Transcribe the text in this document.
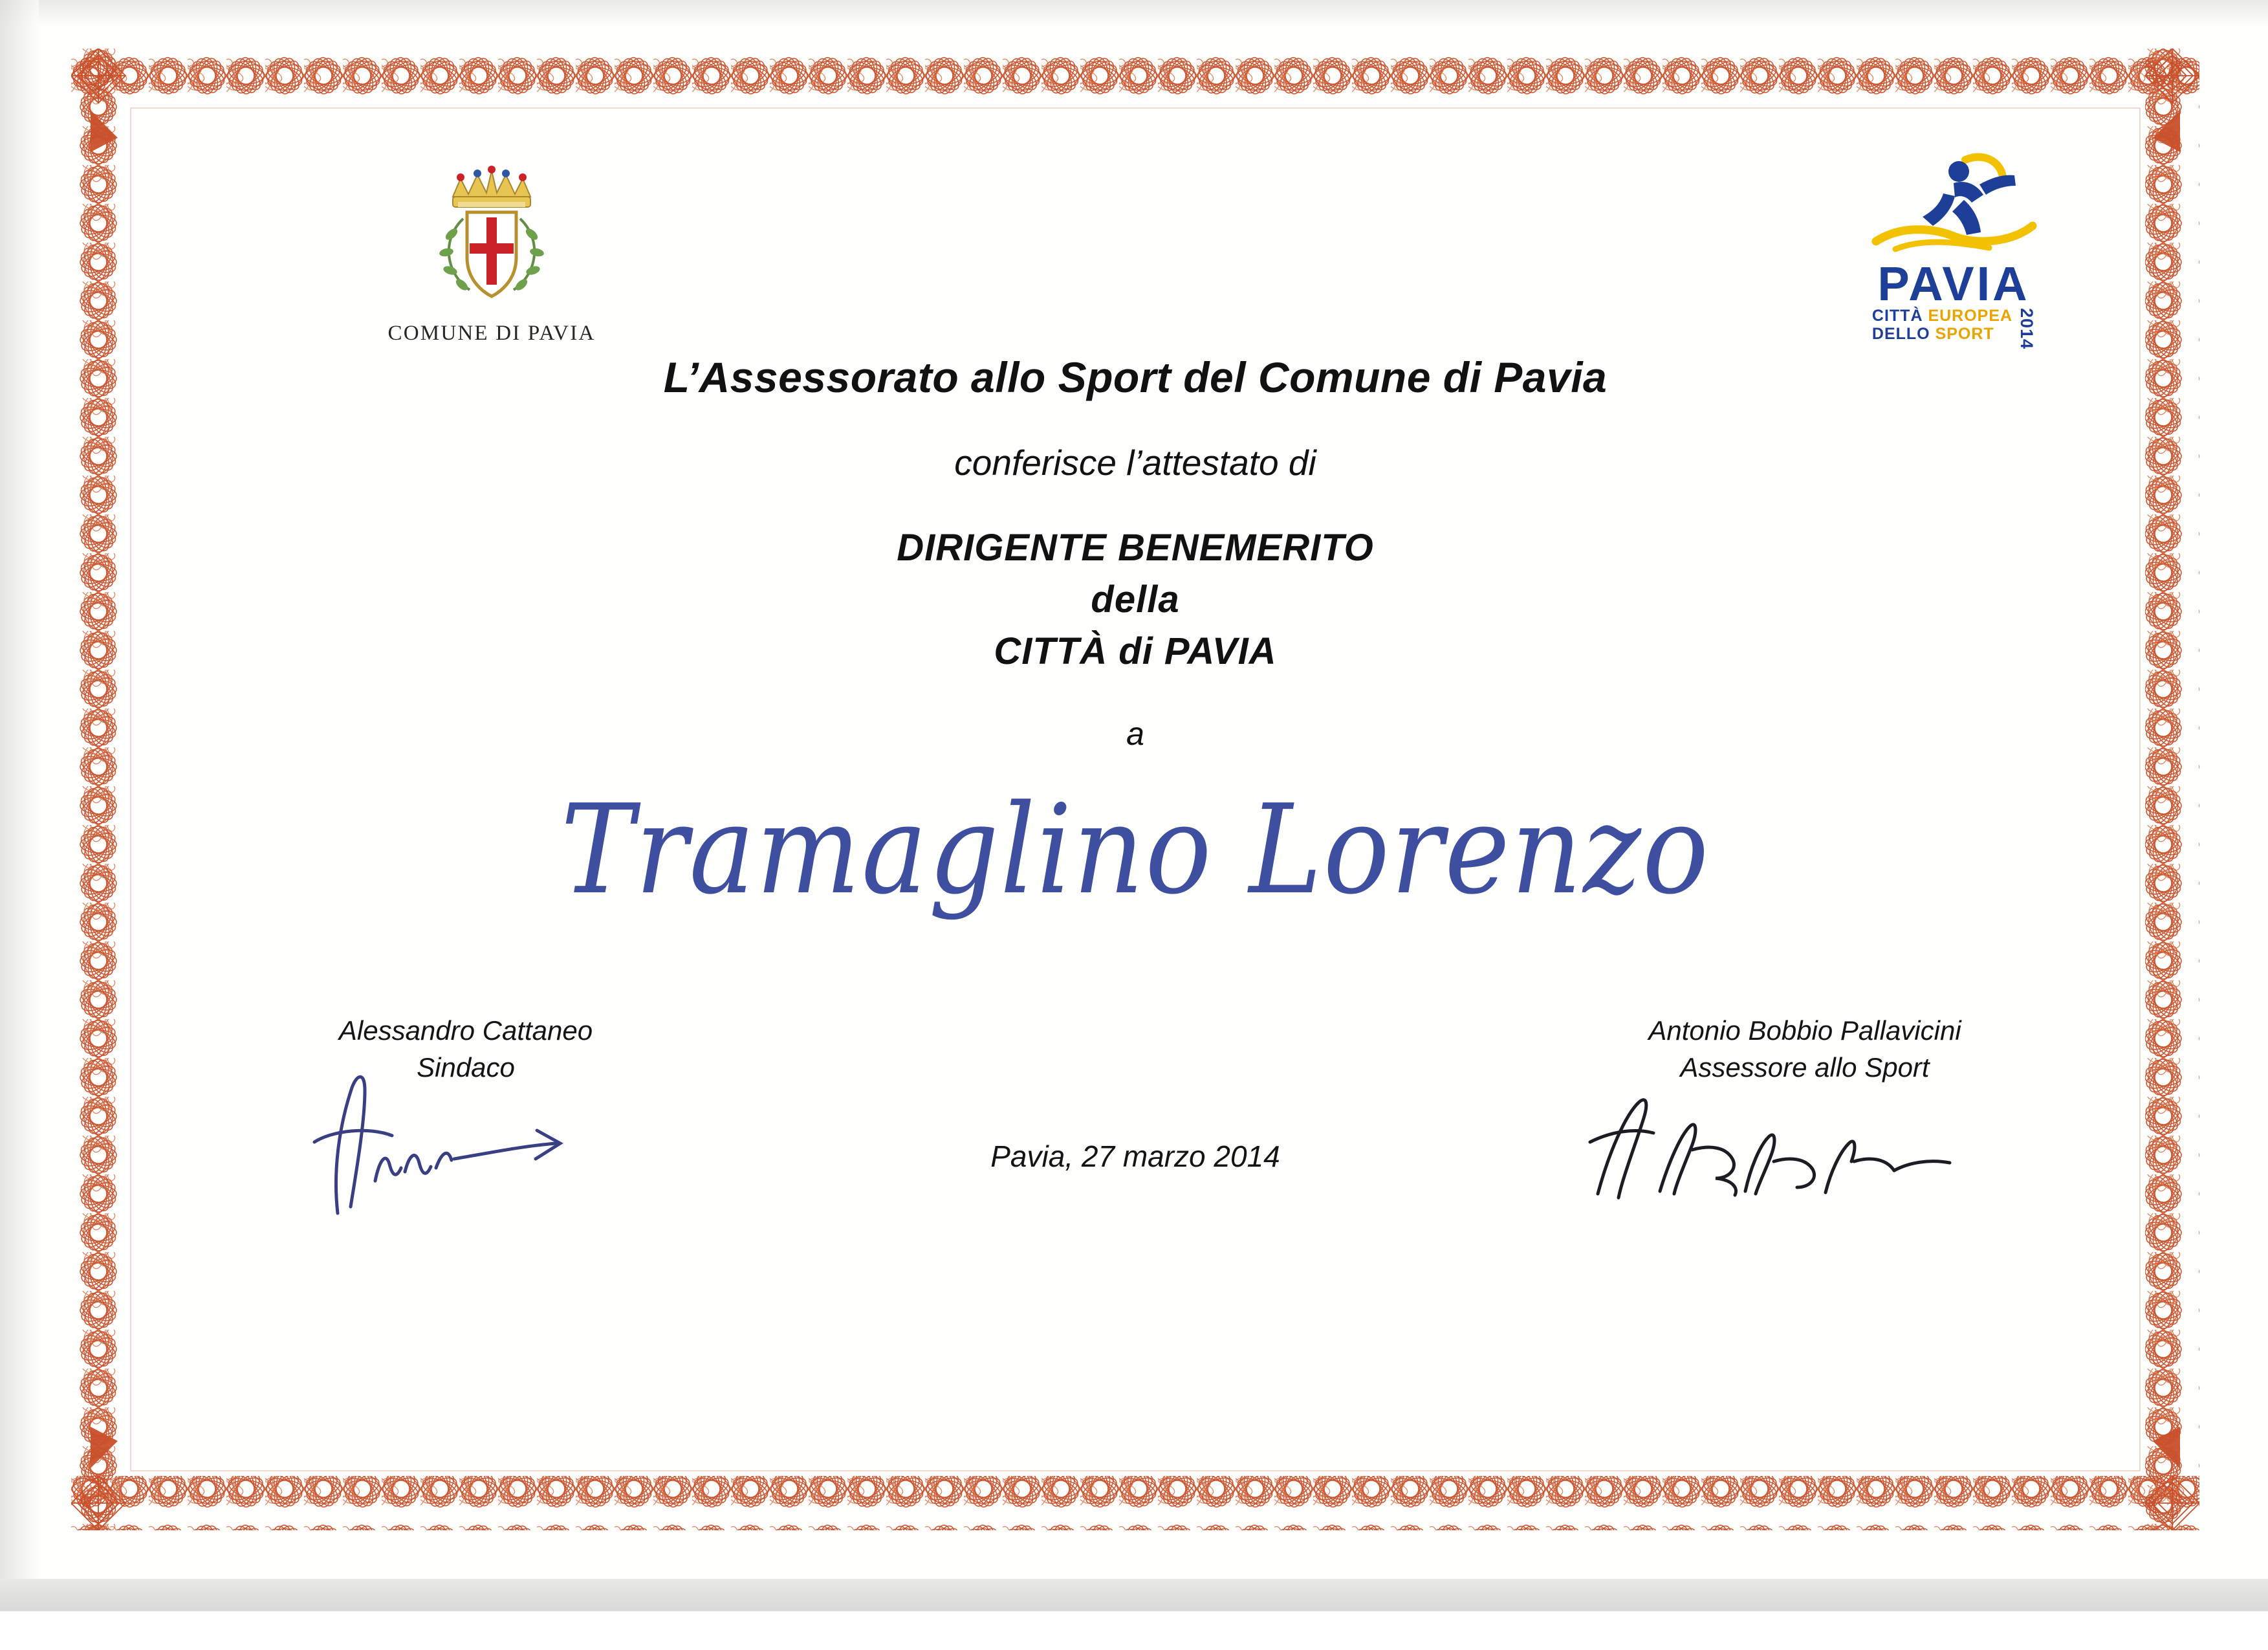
COMUNE DI PAVIA
PAVIA
CITTÀ EUROPEA
DELLO SPORT	2014
L’Assessorato allo Sport del Comune di Pavia
conferisce l’attestato di
DIRIGENTE BENEMERITO
della
CITTÀ di PAVIA
a
Tramaglino Lorenzo
Alessandro Cattaneo
Sindaco
Antonio Bobbio Pallavicini
Assessore allo Sport
Pavia, 27 marzo 2014
